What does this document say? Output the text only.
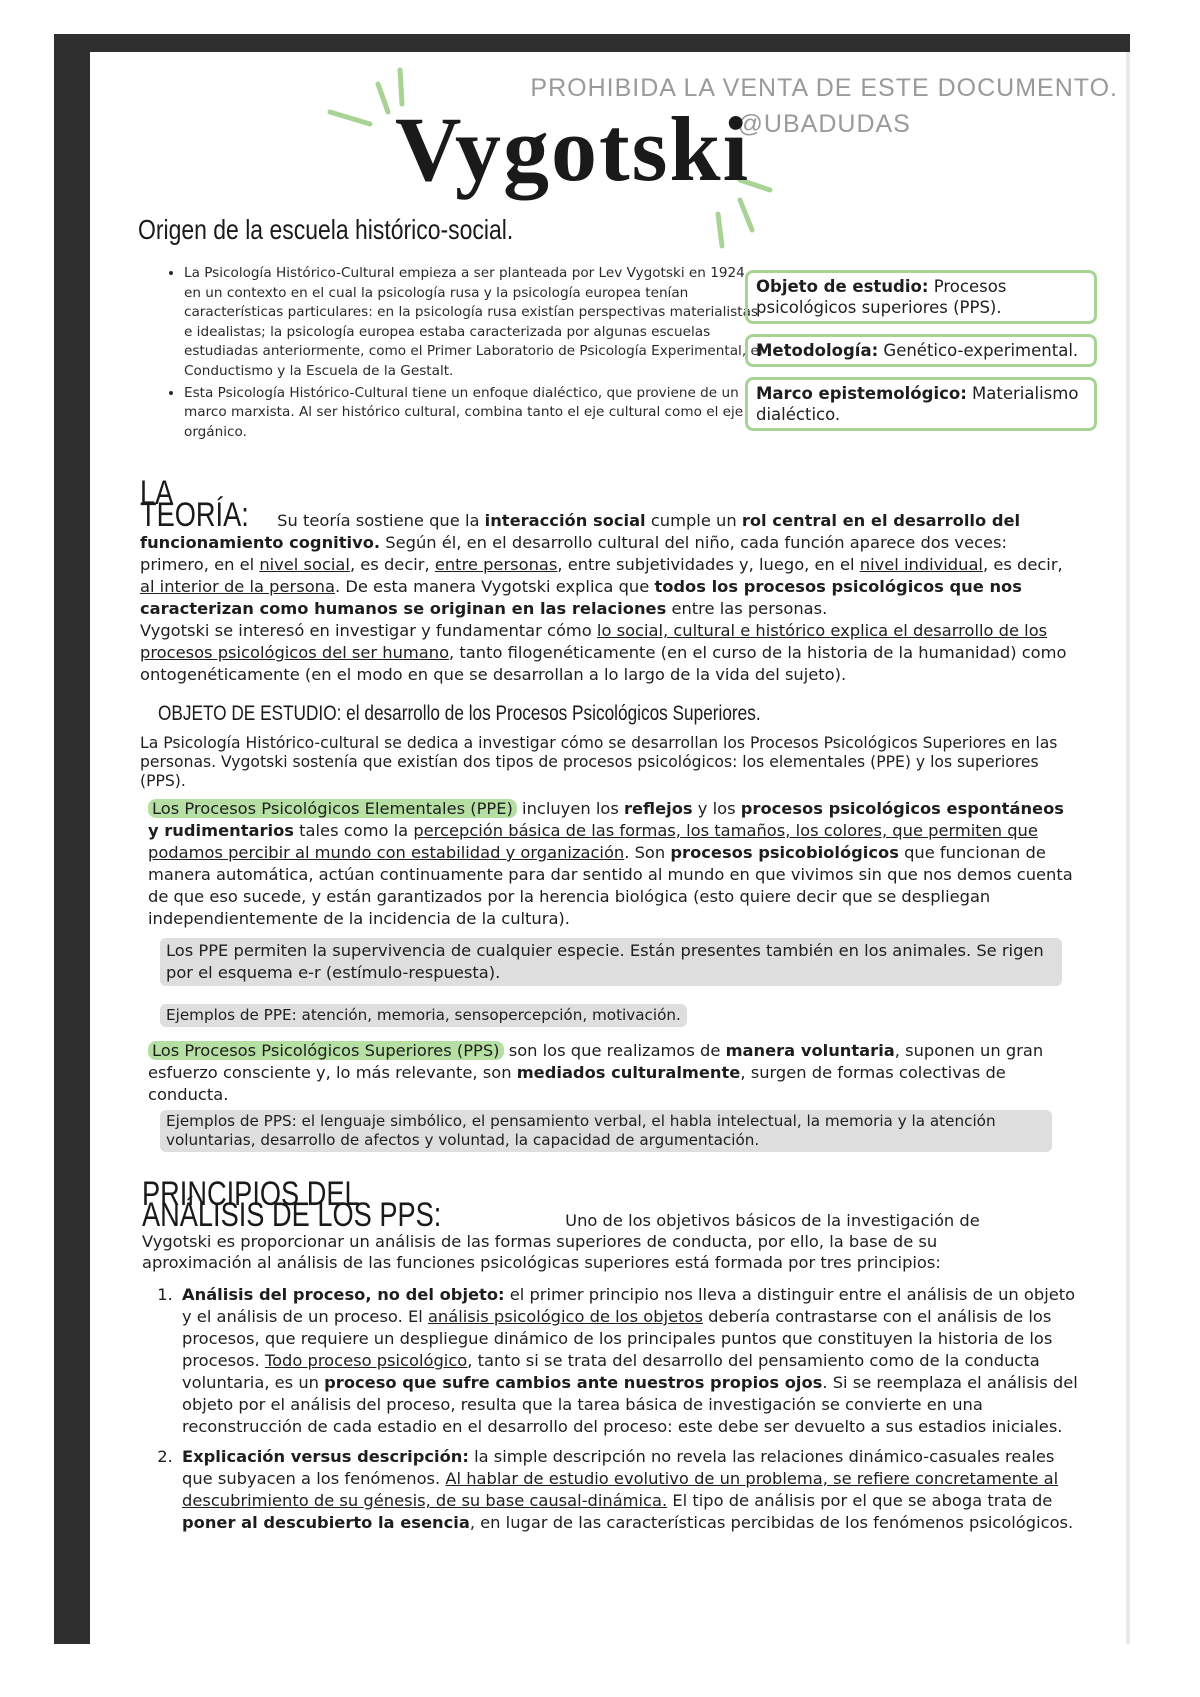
PROHIBIDA LA VENTA DE ESTE DOCUMENTO.
@UBADUDAS
Vygotski
Origen de la escuela histórico-social.
• La Psicología Histórico-Cultural empieza a ser planteada por Lev Vygotski en 1924, en un contexto en el cual la psicología rusa y la psicología europea tenían características particulares: en la psicología rusa existían perspectivas materialistas e idealistas; la psicología europea estaba caracterizada por algunas escuelas estudiadas anteriormente, como el Primer Laboratorio de Psicología Experimental, el Conductismo y la Escuela de la Gestalt.
• Esta Psicología Histórico-Cultural tiene un enfoque dialéctico, que proviene de un marco marxista. Al ser histórico cultural, combina tanto el eje cultural como el eje orgánico.
Objeto de estudio: Procesos psicológicos superiores (PPS).
Metodología: Genético-experimental.
Marco epistemológico: Materialismo dialéctico.
LA TEORÍA: Su teoría sostiene que la interacción social cumple un rol central en el desarrollo del funcionamiento cognitivo. Según él, en el desarrollo cultural del niño, cada función aparece dos veces: primero, en el nivel social, es decir, entre personas, entre subjetividades y, luego, en el nivel individual, es decir, al interior de la persona. De esta manera Vygotski explica que todos los procesos psicológicos que nos caracterizan como humanos se originan en las relaciones entre las personas.
Vygotski se interesó en investigar y fundamentar cómo lo social, cultural e histórico explica el desarrollo de los procesos psicológicos del ser humano, tanto filogenéticamente (en el curso de la historia de la humanidad) como ontogenéticamente (en el modo en que se desarrollan a lo largo de la vida del sujeto).
OBJETO DE ESTUDIO: el desarrollo de los Procesos Psicológicos Superiores.
La Psicología Histórico-cultural se dedica a investigar cómo se desarrollan los Procesos Psicológicos Superiores en las personas. Vygotski sostenía que existían dos tipos de procesos psicológicos: los elementales (PPE) y los superiores (PPS).
Los Procesos Psicológicos Elementales (PPE) incluyen los reflejos y los procesos psicológicos espontáneos y rudimentarios tales como la percepción básica de las formas, los tamaños, los colores, que permiten que podamos percibir al mundo con estabilidad y organización. Son procesos psicobiológicos que funcionan de manera automática, actúan continuamente para dar sentido al mundo en que vivimos sin que nos demos cuenta de que eso sucede, y están garantizados por la herencia biológica (esto quiere decir que se despliegan independientemente de la incidencia de la cultura).
Los PPE permiten la supervivencia de cualquier especie. Están presentes también en los animales. Se rigen por el esquema e-r (estímulo-respuesta).
Ejemplos de PPE: atención, memoria, sensopercepción, motivación.
Los Procesos Psicológicos Superiores (PPS) son los que realizamos de manera voluntaria, suponen un gran esfuerzo consciente y, lo más relevante, son mediados culturalmente, surgen de formas colectivas de conducta.
Ejemplos de PPS: el lenguaje simbólico, el pensamiento verbal, el habla intelectual, la memoria y la atención voluntarias, desarrollo de afectos y voluntad, la capacidad de argumentación.
PRINCIPIOS DEL ANÁLISIS DE LOS PPS:	Uno de los objetivos básicos de la investigación de Vygotski es proporcionar un análisis de las formas superiores de conducta, por ello, la base de su aproximación al análisis de las funciones psicológicas superiores está formada por tres principios:
1. Análisis del proceso, no del objeto: el primer principio nos lleva a distinguir entre el análisis de un objeto y el análisis de un proceso. El análisis psicológico de los objetos debería contrastarse con el análisis de los procesos, que requiere un despliegue dinámico de los principales puntos que constituyen la historia de los procesos. Todo proceso psicológico, tanto si se trata del desarrollo del pensamiento como de la conducta voluntaria, es un proceso que sufre cambios ante nuestros propios ojos. Si se reemplaza el análisis del objeto por el análisis del proceso, resulta que la tarea básica de investigación se convierte en una reconstrucción de cada estadio en el desarrollo del proceso: este debe ser devuelto a sus estadios iniciales.
2. Explicación versus descripción: la simple descripción no revela las relaciones dinámico-casuales reales que subyacen a los fenómenos. Al hablar de estudio evolutivo de un problema, se refiere concretamente al descubrimiento de su génesis, de su base causal-dinámica. El tipo de análisis por el que se aboga trata de poner al descubierto la esencia, en lugar de las características percibidas de los fenómenos psicológicos.
